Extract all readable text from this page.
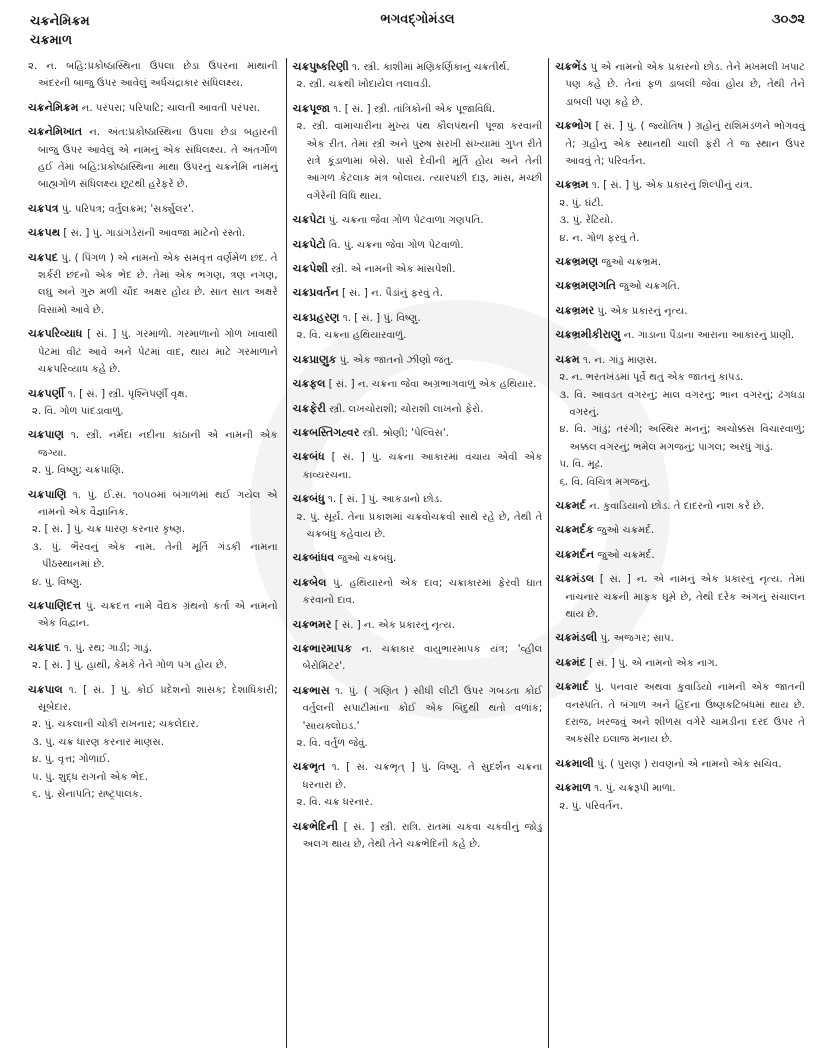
ચક્રનેમિક્રમ
ચક્રમાળ
ભગવદ્ગોમંડલ	૩૦૭૨
૨. ન. બહિ:પ્રકોષ્ઠાસ્થિના ઉપલા છેડા ઉપરના માથાની અંદરની બાજુ ઉપર આવેલું અર્ધચંદ્રાકાર સંધિલક્ષ્ય.
ચક્રનેમિક્રમ ન. પરંપરા; પરિપાટિ; ચાલતી આવતી પરંપરા.
ચક્રનેમિખાત ન. અંત:પ્રકોષ્ઠાસ્થિના ઉપલા છેડા બહારની બાજુ ઉપર આવેલું એ નામનું એક સંધિલક્ષ્ય. તે અંતર્ગોળ હઈ તેમાં બહિ:પ્રકોષ્ઠાસ્થિના માથા ઉપરનું ચક્રનેમિ નામનું બાહ્યગોળ સંધિલક્ષ્ય છૂટથી હરેફરે છે.
ચક્રપત્ર પું. પરિપત્ર; વર્તુલક્રમ; 'સર્ક્યુલર'.
ચક્રપથ [ સં. ] પું. ગાડાંગડેરાંની આવજા માટેનો રસ્તો.
ચક્રપદ પું. ( પિંગળ ) એ નામનો એક સમવૃત્ત વર્ણમેળ છંદ. તે શર્કરી છંદનો એક ભેદ છે. તેમાં એક ભગણ, ત્રણ નગણ, લઘુ અને ગુરુ મળી ચૌદ અક્ષર હોય છે. સાત સાત અક્ષરે વિસામો આવે છે.
ચક્રપરિવ્યાધ [ સં. ] પું. ગરમાળો. ગરમાળાનો ગોળ ખાવાથી પેટમાં વીટ આવે અને પેટમાં વાદ, થાય માટે ગરમાળાને ચક્રપરિવ્યાધ કહે છે.
ચક્રપર્ણી ૧. [ સં. ] સ્ત્રી. પૃશ્નિપર્ણી વૃક્ષ.
૨. વિ. ગોળ પાંદડાવાળું.
ચક્રપાણ ૧. સ્ત્રી. નર્મદા નદીના કાંઠાની એ નામની એક જગ્યા.
૨. પું. વિષ્ણુ; ચક્રપાણિ.
ચક્રપાણિ ૧. પું. ઈ.સ. ૧૦૫૦માં બંગાળમાં થઈ ગયેલ એ નામનો એક વૈજ્ઞાનિક.
૨. [ સં. ] પું. ચક્ર ધારણ કરનાર કૃષ્ણ.
૩. પું. ભૈરવનું એક નામ. તેની મૂર્તિ ગંડકી નામના પીઠસ્થાનમાં છે.
૪. પું. વિષ્ણુ.
ચક્રપાણિદત્ત પું. ચક્રદત્ત નામે વૈદ્યક ગ્રંથનો કર્તા એ નામનો એક વિદ્વાન.
ચક્રપાદ ૧. પું. રથ; ગાડી; ગાડું.
૨. [ સં. ] પું. હાથી, કેમકે તેને ગોળ પગ હોય છે.
ચક્રપાલ ૧. [ સં. ] પું. કોઈ પ્રદેશનો શાસક; દેશાધિકારી; સૂબેદાર.
૨. પું. ચકલાની ચોકી રાખનાર; ચકલેદાર.
૩. પું. ચક્ર ધારણ કરનાર માણસ.
૪. પું. વૃત્ત; ગોળાઈ.
૫. પું. શુદ્ધ રાગનો એક ભેદ.
૬. પું. સેનાપતિ; રાષ્ટ્રપાલક.
ચક્રપુષ્કરિણી ૧. સ્ત્રી. કાશીમાં મણિકર્ણિકાનું ચક્રતીર્થ.
૨. સ્ત્રી. ચક્રથી ખોદાયેલ તલાવડી.
ચક્રપૂજા ૧. [ સં. ] સ્ત્રી. તાંત્રિકોની એક પૂજાવિધિ.
૨. સ્ત્રી. વામાચારીના મુખ્ય પંથ કૌલપંથની પૂજા કરવાની એક રીત. તેમાં સ્ત્રી અને પુરુષ સરખી સંખ્યામાં ગુપ્ત રીતે રાત્રે કૂંડાળામાં બેસે. પાસે દેવીની મૂર્તિ હોય અને તેની આગળ કેટલાક મંત્ર બોલાય. ત્યારપછી દારૂ, માંસ, મચ્છી વગેરેની વિધિ થાય.
ચક્રપેટા પું. ચક્રના જેવા ગોળ પેટવાળા ગણપતિ.
ચક્રપેટો વિ. પું. ચક્રના જેવા ગોળ પેટવાળો.
ચક્રપેશી સ્ત્રી. એ નામની એક માંસપેશી.
ચક્રપ્રવર્તન [ સં. ] ન. પૈડાંનું ફરવું તે.
ચક્રપ્રહરણ ૧. [ સં. ] પું. વિષ્ણુ.
૨. વિ. ચક્રના હથિયારવાળું.
ચક્રપ્રાણુક પું. એક જાતનો ઝીણો જંતુ.
ચક્રફલ [ સં. ] ન. ચક્રના જેવા અગ્રભાગવાળું એક હથિયાર.
ચક્રફેરી સ્ત્રી. લખચોરાશી; ચોરાશી લાખનો ફેરો.
ચક્રબસ્તિગહ્વર સ્ત્રી. શ્રોણી; 'પેલ્વિસ'.
ચક્રબંધ [ સં. ] પું. ચક્રના આકારમાં વંચાય એવી એક કાવ્યરચના.
ચક્રબંધુ ૧. [ સં. ] પું. આકડાનો છોડ.
૨. પું. સૂર્ય. તેના પ્રકાશમાં ચક્રવોચક્રવી સાથે રહે છે, તેથી તે ચક્રબંધુ કહેવાય છે.
ચક્રબાંધવ જુઓ ચક્રબંધુ.
ચક્રબેલ પું. હથિયારનો એક દાવ; ચક્રાકારમાં ફેરવી ઘાત કરવાનો દાવ.
ચક્રભમર [ સં. ] ન. એક પ્રકારનું નૃત્ય.
ચક્રભારમાપક ન. ચક્રાકાર વાયુભારમાપક યંત્ર; 'વ્હીલ બેરોમિટર'.
ચક્રભાસ ૧. પું. ( ગણિત ) સીધી લીટી ઉપર ગબડતા કોઈ વર્તુલની સપાટીમાંના કોઈ એક બિંદુથી થતો વળાંક; 'સાયક્લોઇડ.'
૨. વિ. વર્તુળ જેવું.
ચક્રભૃત ૧. [ સં. ચક્રભૃત્ ] પું. વિષ્ણુ. તે સુદર્શન ચક્રના ધરનારા છે.
૨. વિ. ચક્ર ધરનાર.
ચક્રભેદિની [ સં. ] સ્ત્રી. રાત્રિ. રાતમાં ચકવા ચકવીનું જોડું અલગ થાય છે, તેથી તેને ચક્રભેદિની કહે છે.
ચક્રભેંડ પું એ નામનો એક પ્રકારનો છોડ. તેને મખમલી ખપાટ પણ કહે છે. તેનાં ફળ ડાબલી જેવાં હોય છે, તેથી તેને ડાબલી પણ કહે છે.
ચક્રભોગ [ સં. ] પું. ( જ્યોતિષ ) ગ્રહોનું રાશિમંડળને ભોગવવું તે; ગ્રહોનું એક સ્થાનથી ચાલી ફરી તે જ સ્થાન ઉપર આવવું તે; પરિવર્તન.
ચક્રભ્રમ ૧. [ સં. ] પું. એક પ્રકારનું શિલ્પીનું યંત્ર.
૨. પું. ઘંટી.
૩. પું. રેંટિયો.
૪. ન. ગોળ ફરવું તે.
ચક્રભ્રમણ જુઓ ચક્રભ્રમ.
ચક્રભ્રમણગતિ જુઓ ચક્રગતિ.
ચક્રભ્રમર પું. એક પ્રકારનું નૃત્ય.
ચક્રભ્રમીકીરાણુ ન. ગાડાના પૈડાના આરાના આકારનું પ્રાણી.
ચક્રમ ૧. ન. ગાંડુ માણસ.
૨. ન. ભરતખંડમાં પૂર્વે થતું એક જાતનું કાપડ.
૩. વિ. આવડત વગરનું; માલ વગરનું; ભાન વગરનું; ઢંગધડા વગરનું.
૪. વિ. ગાંડું; તરંગી; અસ્થિર મનનું; અચોક્કસ વિચારવાળું; અક્કલ વગરનું; ભમેલ મગજનું; પાગલ; અરધું ગાંડું.
૫. વિ. મૂઢ.
૬. વિ. વિચિત્ર મગજનું.
ચક્રમર્દ ન. કુવાડિયાનો છોડ. તે દાદરનો નાશ કરે છે.
ચક્રમર્દક જુઓ ચક્રમર્દ.
ચક્રમર્દન જુઓ ચક્રમર્દ.
ચક્રમંડલ [ સં. ] ન. એ નામનું એક પ્રકારનું નૃત્ય. તેમાં નાચનાર ચક્રની માફક ઘૂમે છે, તેથી દરેક અંગનું સંચાલન થાય છે.
ચક્રમંડલી પું. અજગર; સાપ.
ચક્રમંદ [ સં. ] પું. એ નામનો એક નાગ.
ચક્રમાર્દ પું. પનવાર અથવા કુવાડિયો નામની એક જાતની વનસ્પતિ. તે બંગાળ અને હિંદના ઉષ્ણકટિબંધમાં થાય છે. દરાજ, ખરજવું અને શીળસ વગેરે ચામડીના દરદ ઉપર તે અકસીર ઇલાજ મનાય છે.
ચક્રમાલી પું. ( પુરાણ ) રાવણનો એ નામનો એક સચિવ.
ચક્રમાળ ૧. પું. ચક્રરૂપી માળા.
૨. પું. પરિવર્તન.
